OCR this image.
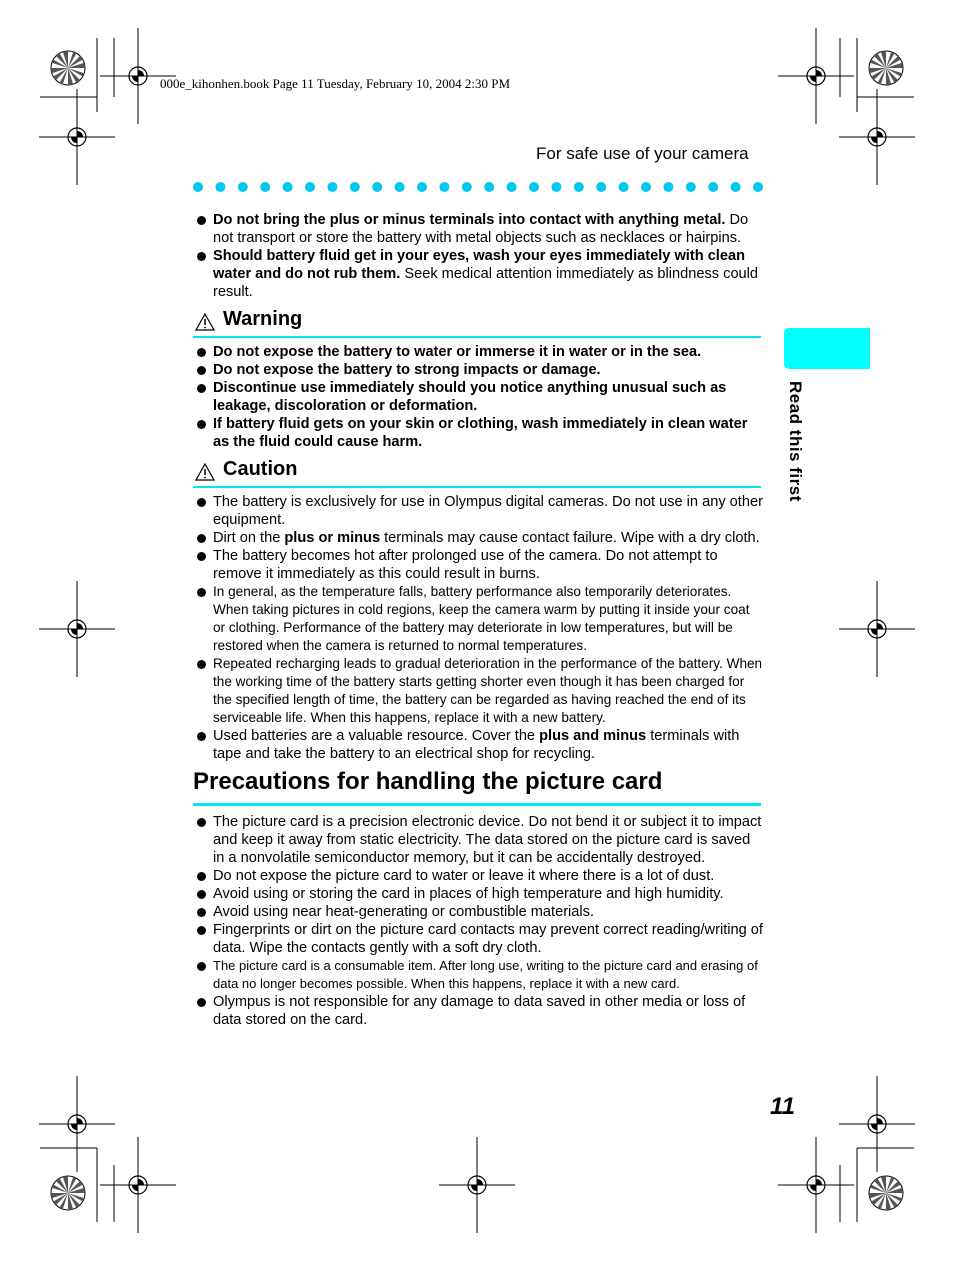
000e_kihonhen.book Page 11 Tuesday, February 10, 2004 2:30 PM
For safe use of your camera
Read this first
Do not bring the plus or minus terminals into contact with anything metal. Do not transport or store the battery with metal objects such as necklaces or hairpins.
Should battery fluid get in your eyes, wash your eyes immediately with clean water and do not rub them. Seek medical attention immediately as blindness could result.
Warning
Do not expose the battery to water or immerse it in water or in the sea.
Do not expose the battery to strong impacts or damage.
Discontinue use immediately should you notice anything unusual such as leakage, discoloration or deformation.
If battery fluid gets on your skin or clothing, wash immediately in clean water as the fluid could cause harm.
Caution
The battery is exclusively for use in Olympus digital cameras. Do not use in any other equipment.
Dirt on the plus or minus terminals may cause contact failure. Wipe with a dry cloth.
The battery becomes hot after prolonged use of the camera. Do not attempt to remove it immediately as this could result in burns.
In general, as the temperature falls, battery performance also temporarily deteriorates. When taking pictures in cold regions, keep the camera warm by putting it inside your coat or clothing. Performance of the battery may deteriorate in low temperatures, but will be restored when the camera is returned to normal temperatures.
Repeated recharging leads to gradual deterioration in the performance of the battery. When the working time of the battery starts getting shorter even though it has been charged for the specified length of time, the battery can be regarded as having reached the end of its serviceable life. When this happens, replace it with a new battery.
Used batteries are a valuable resource. Cover the plus and minus terminals with tape and take the battery to an electrical shop for recycling.
Precautions for handling the picture card
The picture card is a precision electronic device. Do not bend it or subject it to impact and keep it away from static electricity. The data stored on the picture card is saved in a nonvolatile semiconductor memory, but it can be accidentally destroyed.
Do not expose the picture card to water or leave it where there is a lot of dust.
Avoid using or storing the card in places of high temperature and high humidity.
Avoid using near heat-generating or combustible materials.
Fingerprints or dirt on the picture card contacts may prevent correct reading/writing of data. Wipe the contacts gently with a soft dry cloth.
The picture card is a consumable item. After long use, writing to the picture card and erasing of data no longer becomes possible. When this happens, replace it with a new card.
Olympus is not responsible for any damage to data saved in other media or loss of data stored on the card.
11
